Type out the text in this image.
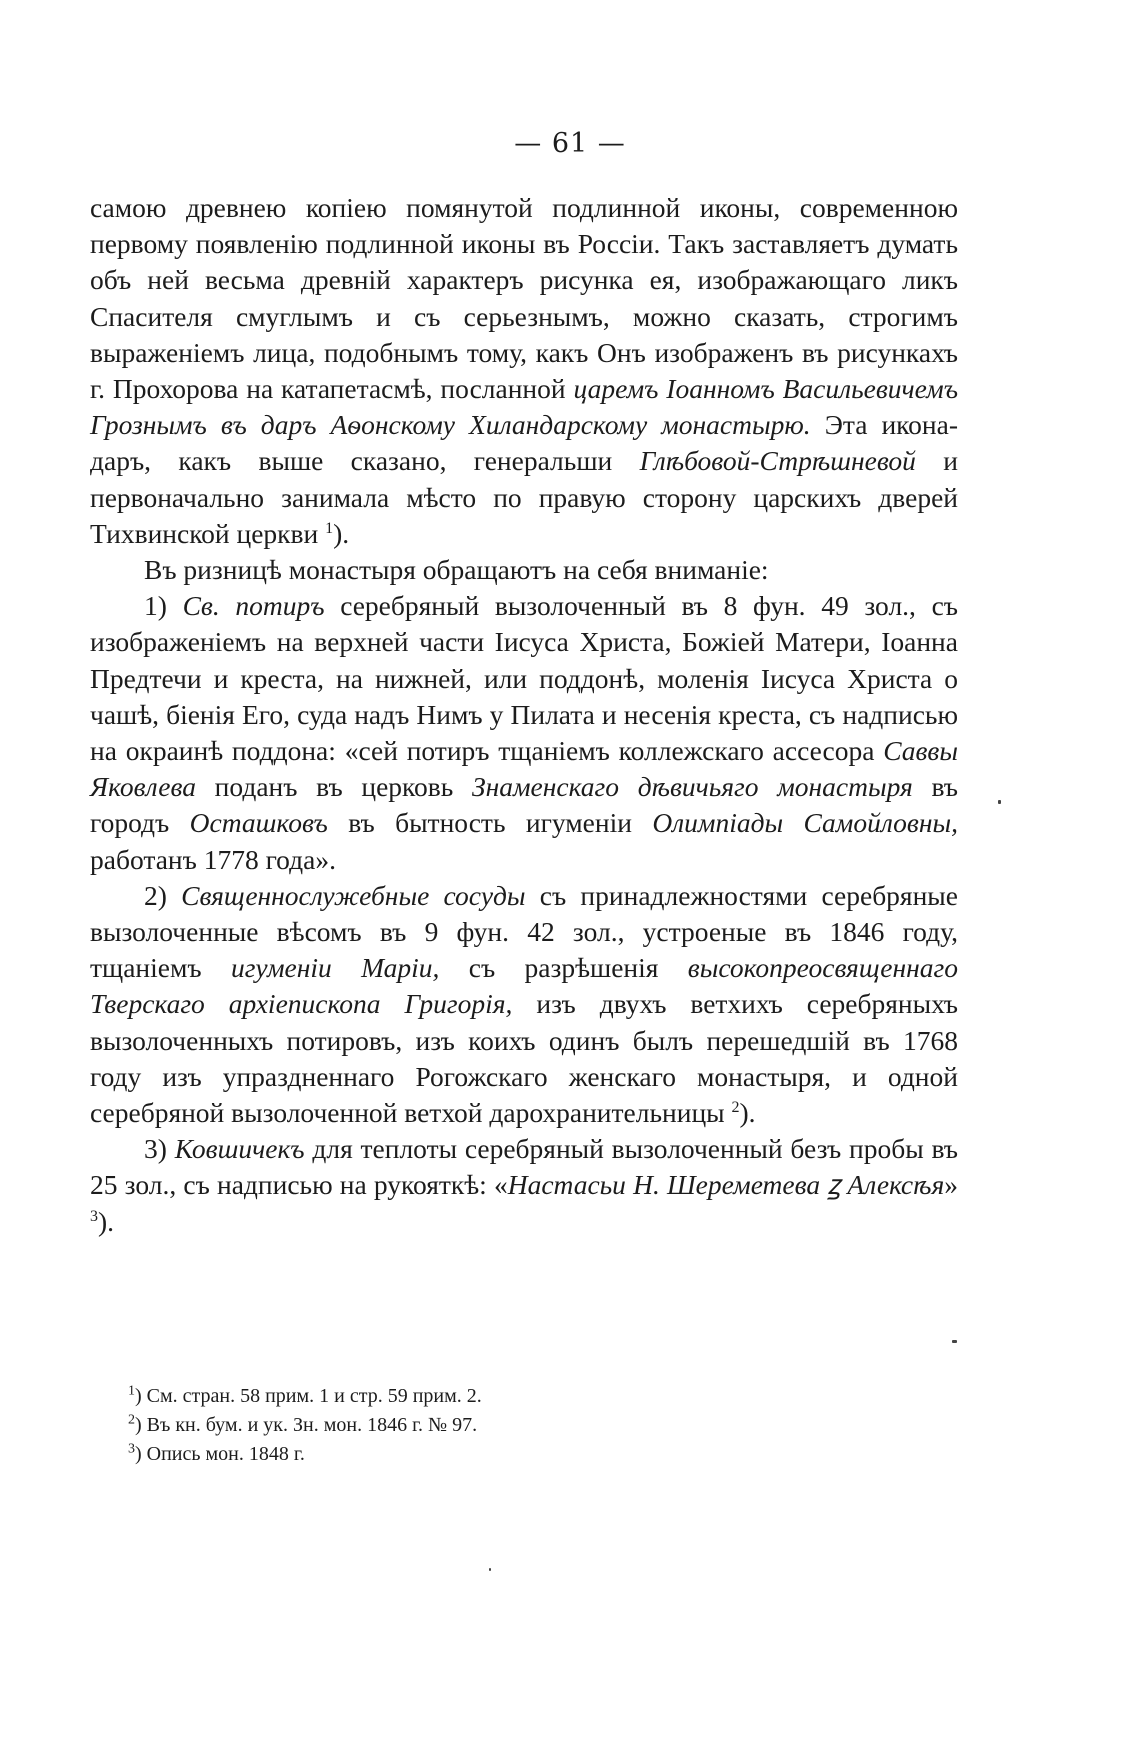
— 61 —

самою древнею копiею помянутой подлинной иконы, современною первому появленiю подлинной иконы въ Россiи. Такъ заставляетъ думать объ ней весьма древнiй характеръ рисунка ея, изображающаго ликъ Спасителя смуглымъ и съ серьезнымъ, можно сказать, строгимъ выраженiемъ лица, подобнымъ тому, какъ Онъ изображенъ въ рисункахъ г. Прохорова на катапетасмѣ, посланной царемъ Iоанномъ Васильевичемъ Грознымъ въ даръ Аѳонскому Хиландарскому монастырю. Эта икона-даръ, какъ выше сказано, генеральши Глѣбовой-Стрѣшневой и первоначально занимала мѣсто по правую сторону царскихъ дверей Тихвинской церкви $^1$).

Въ ризницѣ монастыря обращаютъ на себя вниманiе:

1) Св. потиръ серебряный вызолоченный въ 8 фун. 49 зол., съ изображенiемъ на верхней части Iисуса Христа, Божiей Матери, Iоанна Предтечи и креста, на нижней, или поддонѣ, моленiя Iисуса Христа о чашѣ, бiенiя Его, суда надъ Нимъ у Пилата и несенiя креста, съ надписью на окраинѣ поддона: «сей потиръ тщанiемъ коллежскаго ассесора Саввы Яковлева поданъ въ церковь Знаменскаго дѣвичьяго монастыря въ городъ Осташковъ въ бытность игуменiи Олимпiады Самойловны, работанъ 1778 года».

2) Священнослужебные сосуды съ принадлежностями серебряные вызолоченные вѣсомъ въ 9 фун. 42 зол., устроеные въ 1846 году, тщанiемъ игуменiи Марiи, съ разрѣшенiя высокопреосвященнаго Тверскаго архiепископа Григорiя, изъ двухъ ветхихъ серебряныхъ вызолоченныхъ потировъ, изъ коихъ одинъ былъ перешедшiй въ 1768 году изъ упраздненнаго Рогожскаго женскаго монастыря, и одной серебряной вызолоченной ветхой дарохранительницы $^2$).

3) Ковшичекъ для теплоты серебряный вызолоченный безъ пробы въ 25 зол., съ надписью на рукояткѣ: «Настасьи Н. Шереметева ꙁ Алексѣя» $^3$).

$^1$) См. стран. 58 прим. 1 и стр. 59 прим. 2.
$^2$) Въ кн. бум. и ук. Зн. мон. 1846 г. № 97.
$^3$) Опись мон. 1848 г.
